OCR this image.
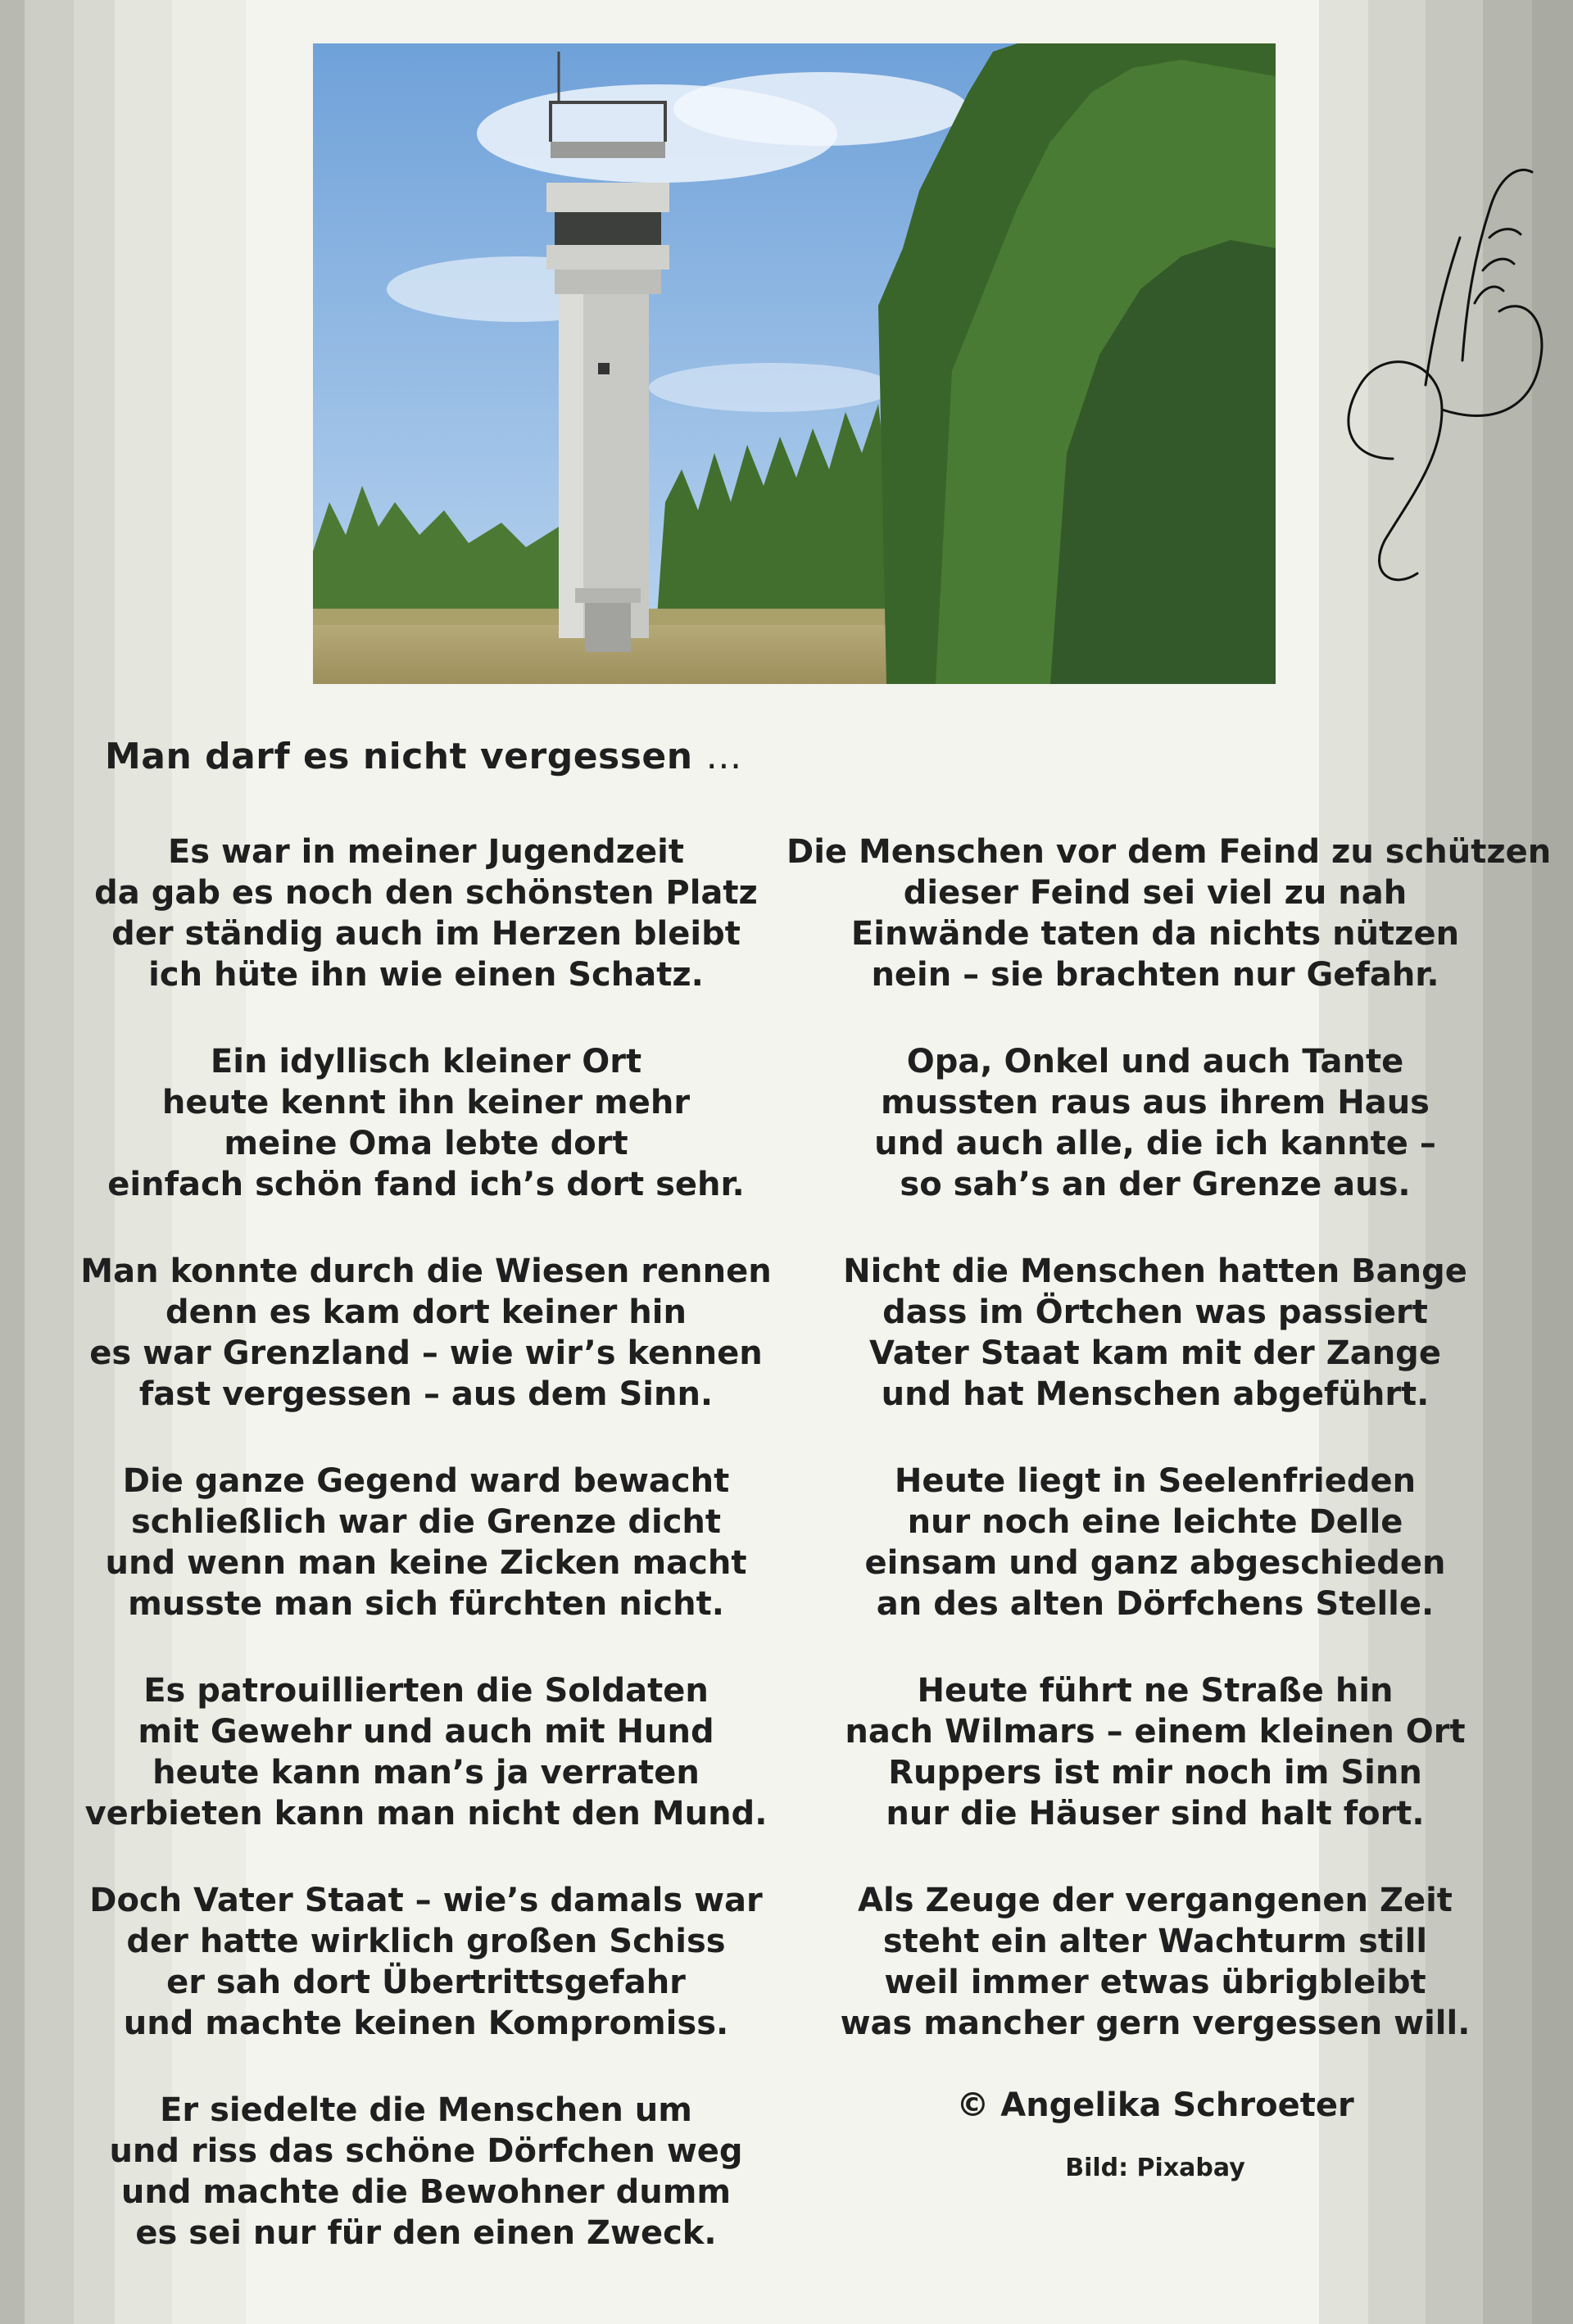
Man darf es nicht vergessen …
Es war in meiner Jugendzeit
da gab es noch den schönsten Platz
der ständig auch im Herzen bleibt
ich hüte ihn wie einen Schatz.
Ein idyllisch kleiner Ort
heute kennt ihn keiner mehr
meine Oma lebte dort
einfach schön fand ich’s dort sehr.
Man konnte durch die Wiesen rennen
denn es kam dort keiner hin
es war Grenzland – wie wir’s kennen
fast vergessen – aus dem Sinn.
Die ganze Gegend ward bewacht
schließlich war die Grenze dicht
und wenn man keine Zicken macht
musste man sich fürchten nicht.
Es patrouillierten die Soldaten
mit Gewehr und auch mit Hund
heute kann man’s ja verraten
verbieten kann man nicht den Mund.
Doch Vater Staat – wie’s damals war
der hatte wirklich großen Schiss
er sah dort Übertrittsgefahr
und machte keinen Kompromiss.
Er siedelte die Menschen um
und riss das schöne Dörfchen weg
und machte die Bewohner dumm
es sei nur für den einen Zweck.
Die Menschen vor dem Feind zu schützen
dieser Feind sei viel zu nah
Einwände taten da nichts nützen
nein – sie brachten nur Gefahr.
Opa, Onkel und auch Tante
mussten raus aus ihrem Haus
und auch alle, die ich kannte –
so sah’s an der Grenze aus.
Nicht die Menschen hatten Bange
dass im Örtchen was passiert
Vater Staat kam mit der Zange
und hat Menschen abgeführt.
Heute liegt in Seelenfrieden
nur noch eine leichte Delle
einsam und ganz abgeschieden
an des alten Dörfchens Stelle.
Heute führt ne Straße hin
nach Wilmars – einem kleinen Ort
Ruppers ist mir noch im Sinn
nur die Häuser sind halt fort.
Als Zeuge der vergangenen Zeit
steht ein alter Wachturm still
weil immer etwas übrigbleibt
was mancher gern vergessen will.
© Angelika Schroeter
Bild: Pixabay
